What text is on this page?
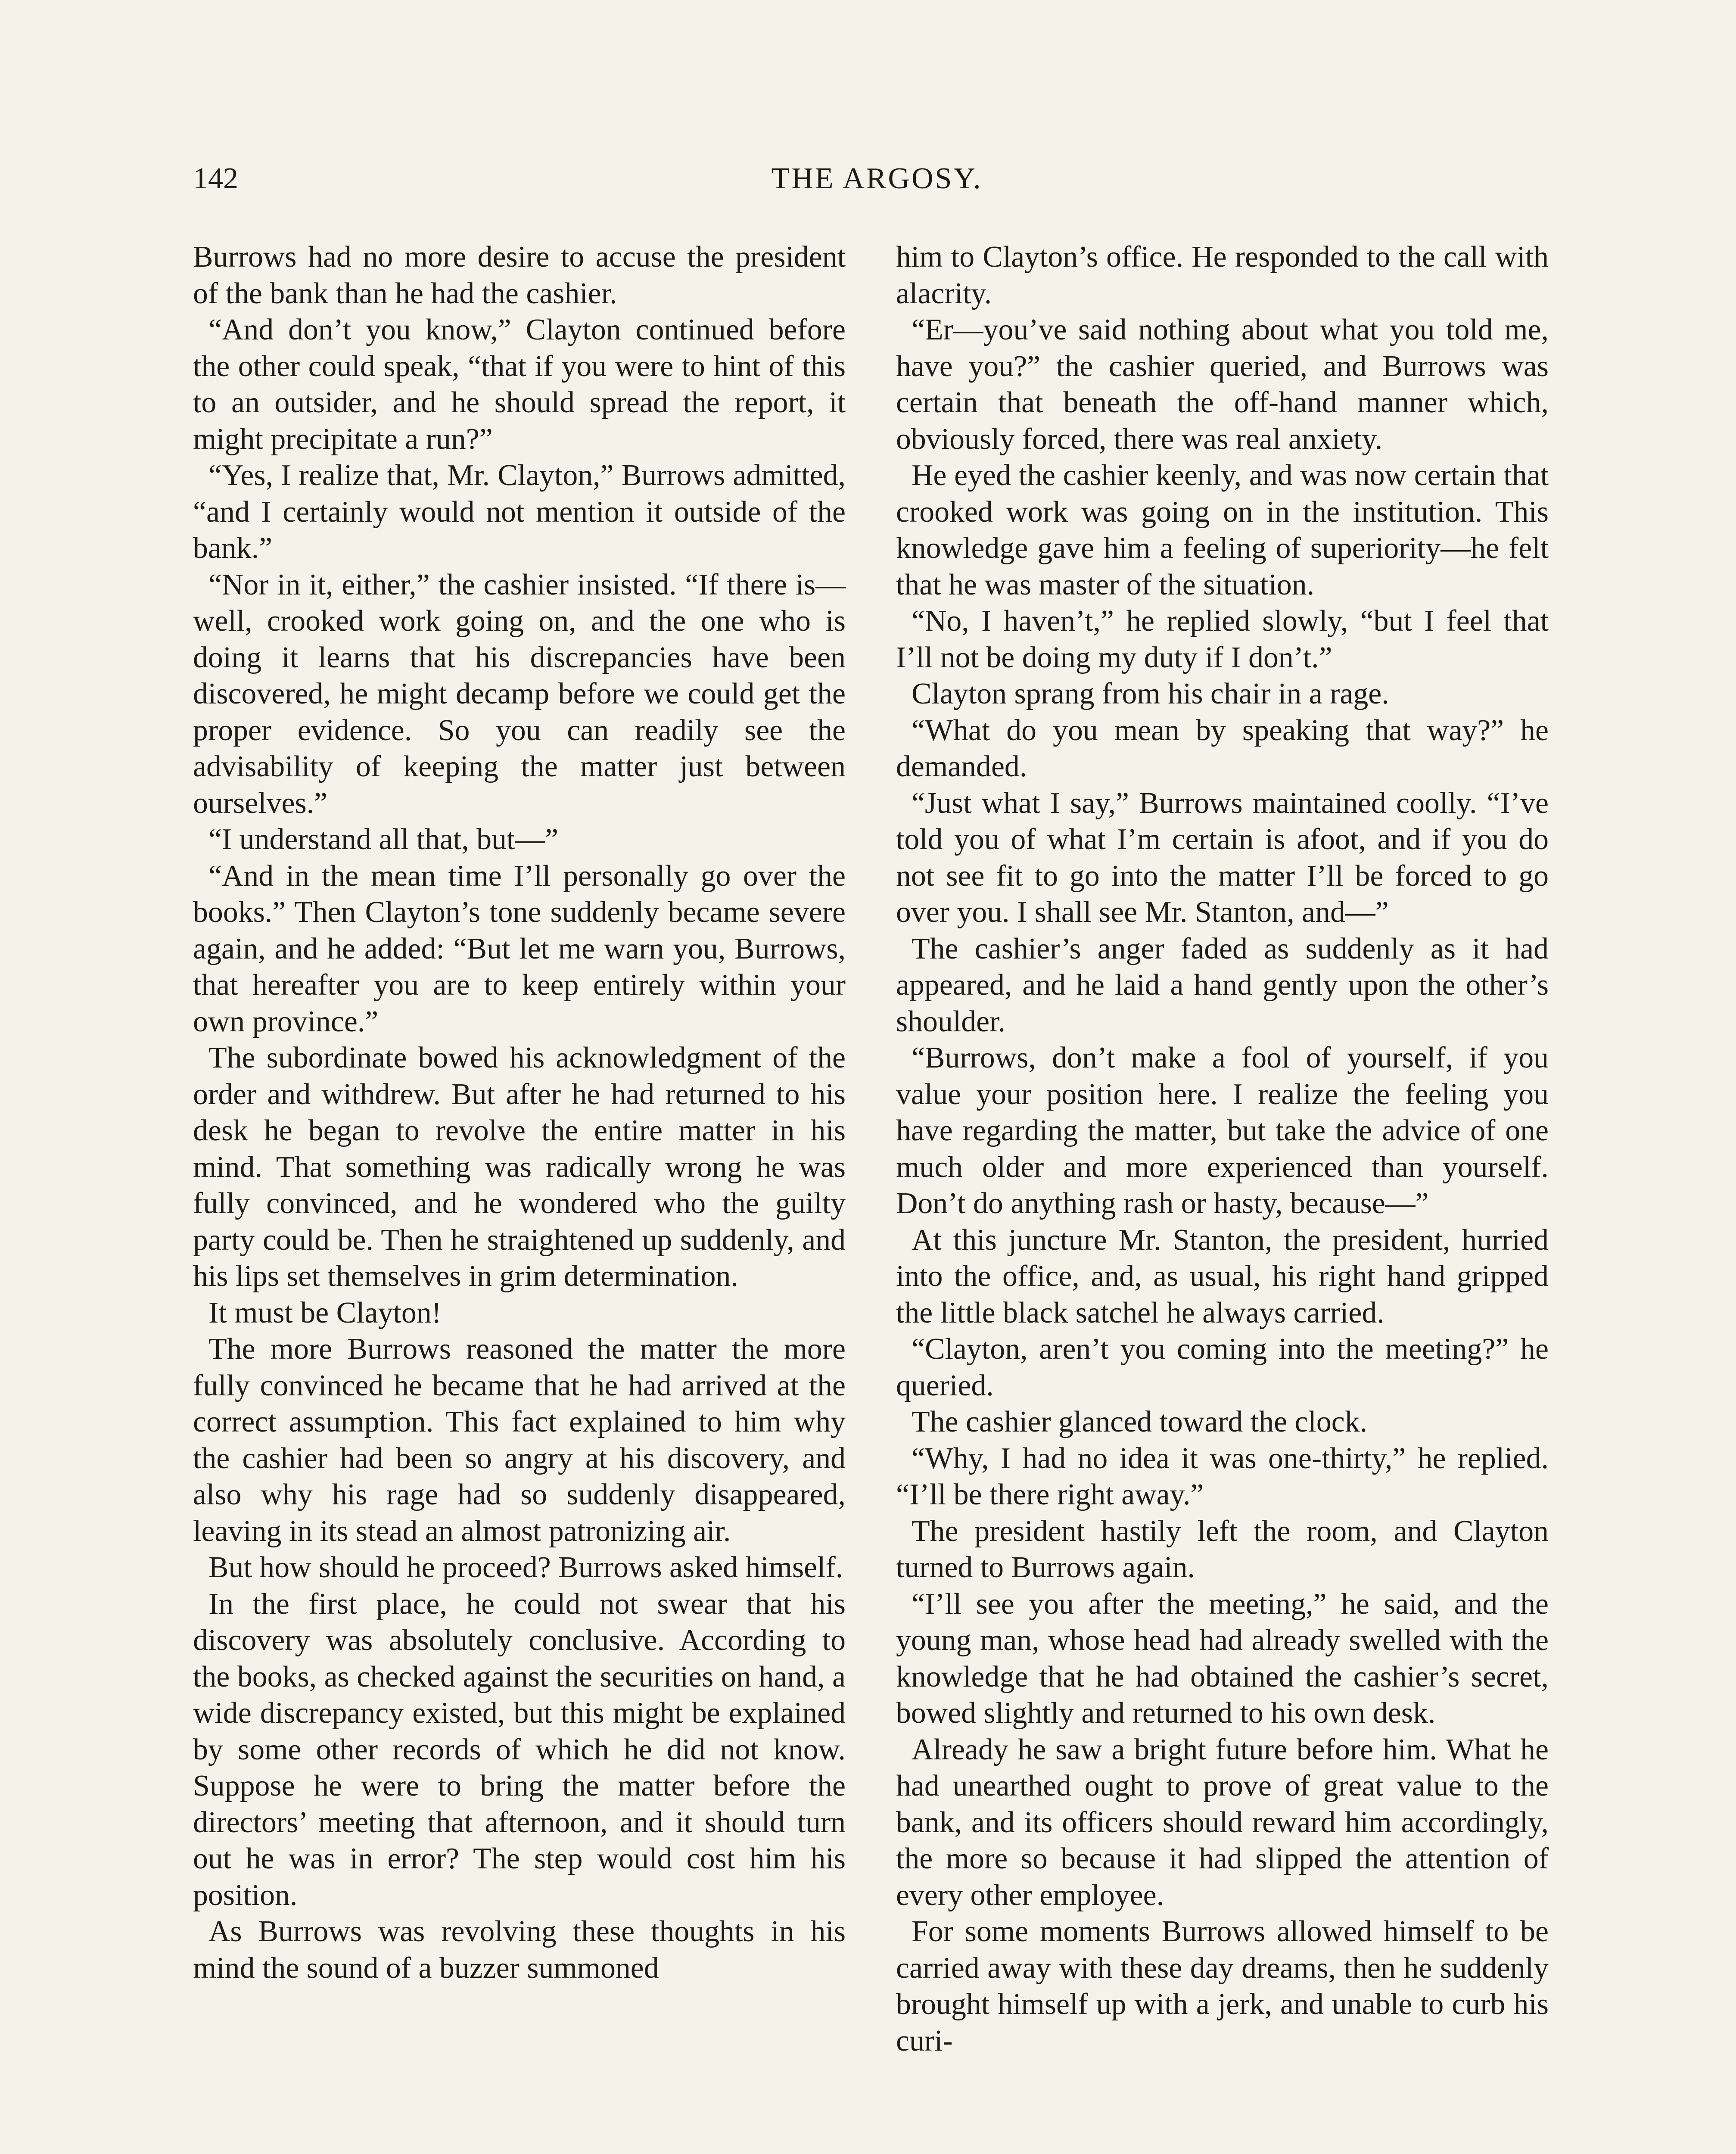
142	THE ARGOSY.

Burrows had no more desire to accuse the president of the bank than he had the cashier.

“And don’t you know,” Clayton continued before the other could speak, “that if you were to hint of this to an outsider, and he should spread the report, it might precipitate a run?”

“Yes, I realize that, Mr. Clayton,” Burrows admitted, “and I certainly would not mention it outside of the bank.”

“Nor in it, either,” the cashier insisted. “If there is—well, crooked work going on, and the one who is doing it learns that his discrepancies have been discovered, he might decamp before we could get the proper evidence. So you can readily see the advisability of keeping the matter just between ourselves.”

“I understand all that, but—”

“And in the mean time I’ll personally go over the books.” Then Clayton’s tone suddenly became severe again, and he added: “But let me warn you, Burrows, that hereafter you are to keep entirely within your own province.”

The subordinate bowed his acknowledgment of the order and withdrew. But after he had returned to his desk he began to revolve the entire matter in his mind. That something was radically wrong he was fully convinced, and he wondered who the guilty party could be. Then he straightened up suddenly, and his lips set themselves in grim determination.

It must be Clayton!

The more Burrows reasoned the matter the more fully convinced he became that he had arrived at the correct assumption. This fact explained to him why the cashier had been so angry at his discovery, and also why his rage had so suddenly disappeared, leaving in its stead an almost patronizing air.

But how should he proceed? Burrows asked himself.

In the first place, he could not swear that his discovery was absolutely conclusive. According to the books, as checked against the securities on hand, a wide discrepancy existed, but this might be explained by some other records of which he did not know. Suppose he were to bring the matter before the directors’ meeting that afternoon, and it should turn out he was in error? The step would cost him his position.

As Burrows was revolving these thoughts in his mind the sound of a buzzer summoned

him to Clayton’s office. He responded to the call with alacrity.

“Er—you’ve said nothing about what you told me, have you?” the cashier queried, and Burrows was certain that beneath the off-hand manner which, obviously forced, there was real anxiety.

He eyed the cashier keenly, and was now certain that crooked work was going on in the institution. This knowledge gave him a feeling of superiority—he felt that he was master of the situation.

“No, I haven’t,” he replied slowly, “but I feel that I’ll not be doing my duty if I don’t.”

Clayton sprang from his chair in a rage.

“What do you mean by speaking that way?” he demanded.

“Just what I say,” Burrows maintained coolly. “I’ve told you of what I’m certain is afoot, and if you do not see fit to go into the matter I’ll be forced to go over you. I shall see Mr. Stanton, and—”

The cashier’s anger faded as suddenly as it had appeared, and he laid a hand gently upon the other’s shoulder.

“Burrows, don’t make a fool of yourself, if you value your position here. I realize the feeling you have regarding the matter, but take the advice of one much older and more experienced than yourself. Don’t do anything rash or hasty, because—”

At this juncture Mr. Stanton, the president, hurried into the office, and, as usual, his right hand gripped the little black satchel he always carried.

“Clayton, aren’t you coming into the meeting?” he queried.

The cashier glanced toward the clock.

“Why, I had no idea it was one-thirty,” he replied. “I’ll be there right away.”

The president hastily left the room, and Clayton turned to Burrows again.

“I’ll see you after the meeting,” he said, and the young man, whose head had already swelled with the knowledge that he had obtained the cashier’s secret, bowed slightly and returned to his own desk.

Already he saw a bright future before him. What he had unearthed ought to prove of great value to the bank, and its officers should reward him accordingly, the more so because it had slipped the attention of every other employee.

For some moments Burrows allowed himself to be carried away with these day dreams, then he suddenly brought himself up with a jerk, and unable to curb his curi-
